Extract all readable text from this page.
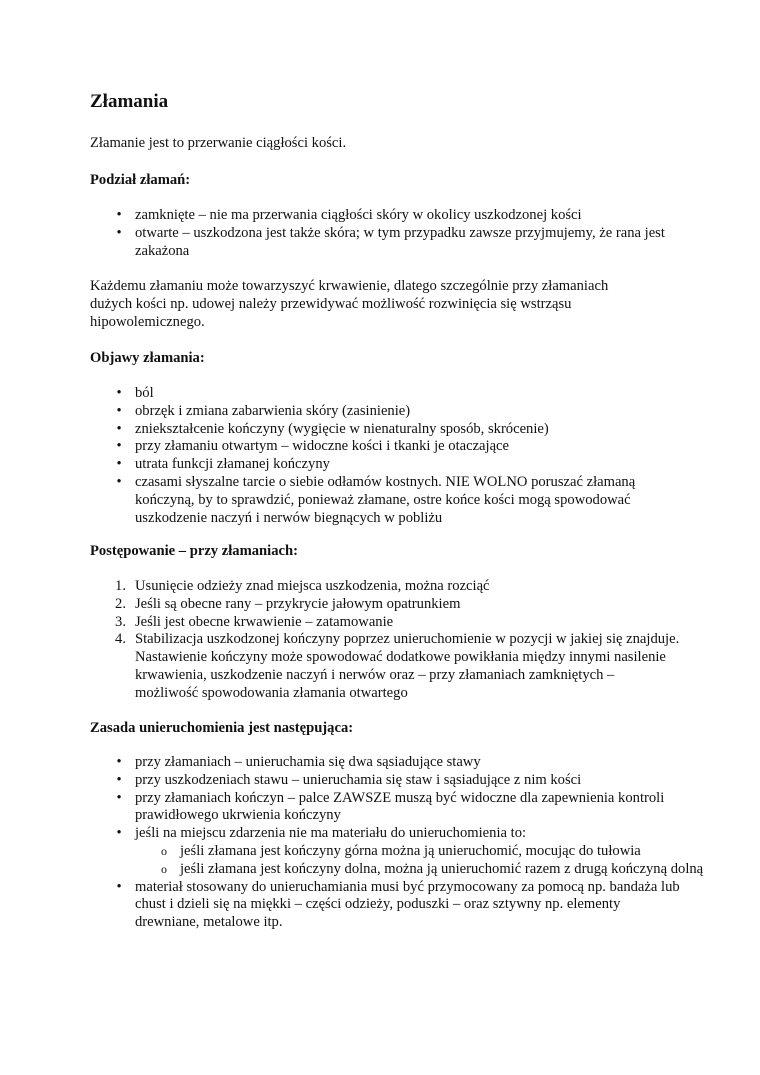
Złamania

Złamanie jest to przerwanie ciągłości kości.

Podział złamań:

• zamknięte – nie ma przerwania ciągłości skóry w okolicy uszkodzonej kości
• otwarte – uszkodzona jest także skóra; w tym przypadku zawsze przyjmujemy, że rana jest zakażona

Każdemu złamaniu może towarzyszyć krwawienie, dlatego szczególnie przy złamaniach dużych kości np. udowej należy przewidywać możliwość rozwinięcia się wstrząsu hipowolemicznego.

Objawy złamania:

• ból
• obrzęk i zmiana zabarwienia skóry (zasinienie)
• zniekształcenie kończyny (wygięcie w nienaturalny sposób, skrócenie)
• przy złamaniu otwartym – widoczne kości i tkanki je otaczające
• utrata funkcji złamanej kończyny
• czasami słyszalne tarcie o siebie odłamów kostnych. NIE WOLNO poruszać złamaną kończyną, by to sprawdzić, ponieważ złamane, ostre końce kości mogą spowodować uszkodzenie naczyń i nerwów biegnących w pobliżu

Postępowanie – przy złamaniach:

1. Usunięcie odzieży znad miejsca uszkodzenia, można rozciąć
2. Jeśli są obecne rany – przykrycie jałowym opatrunkiem
3. Jeśli jest obecne krwawienie – zatamowanie
4. Stabilizacja uszkodzonej kończyny poprzez unieruchomienie w pozycji w jakiej się znajduje. Nastawienie kończyny może spowodować dodatkowe powikłania między innymi nasilenie krwawienia, uszkodzenie naczyń i nerwów oraz – przy złamaniach zamkniętych – możliwość spowodowania złamania otwartego

Zasada unieruchomienia jest następująca:

• przy złamaniach – unieruchamia się dwa sąsiadujące stawy
• przy uszkodzeniach stawu – unieruchamia się staw i sąsiadujące z nim kości
• przy złamaniach kończyn – palce ZAWSZE muszą być widoczne dla zapewnienia kontroli prawidłowego ukrwienia kończyny
• jeśli na miejscu zdarzenia nie ma materiału do unieruchomienia to:
o jeśli złamana jest kończyny górna można ją unieruchomić, mocując do tułowia
o jeśli złamana jest kończyny dolna, można ją unieruchomić razem z drugą kończyną dolną
• materiał stosowany do unieruchamiania musi być przymocowany za pomocą np. bandaża lub chust i dzieli się na miękki – części odzieży, poduszki – oraz sztywny np. elementy drewniane, metalowe itp.
